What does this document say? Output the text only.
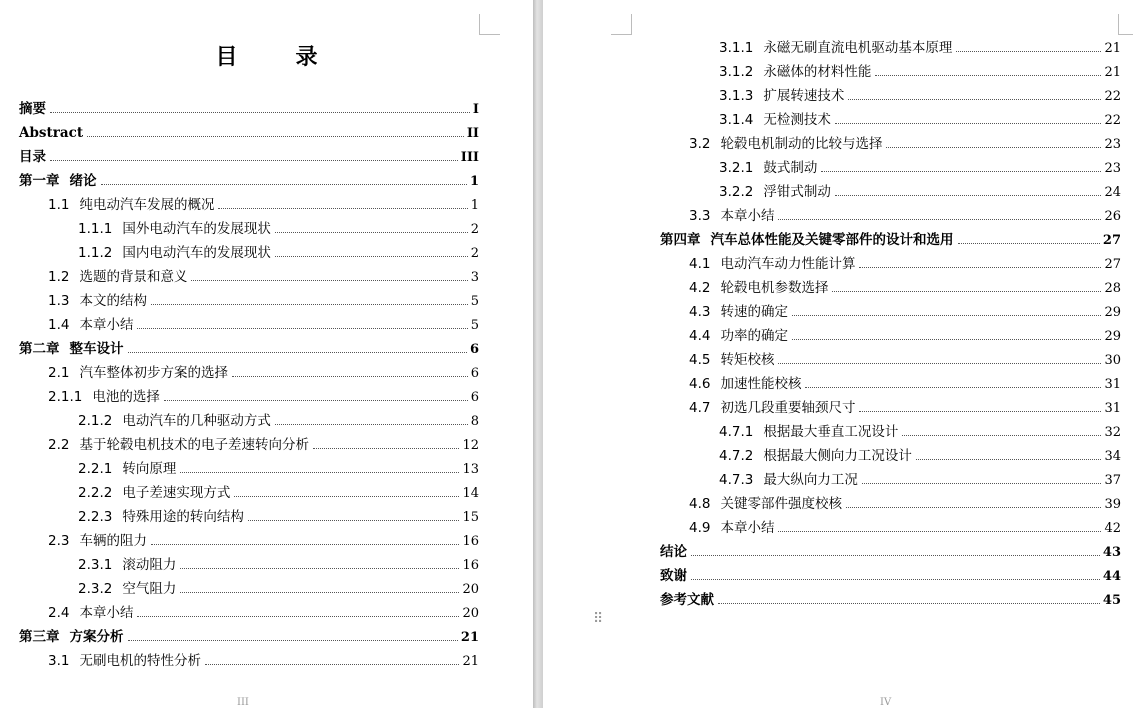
目　录
摘要	I
Abstract	II
目录	III
第一章 绪论	1
1.1 纯电动汽车发展的概况	1
1.1.1 国外电动汽车的发展现状	2
1.1.2 国内电动汽车的发展现状	2
1.2 选题的背景和意义	3
1.3 本文的结构	5
1.4 本章小结	5
第二章 整车设计	6
2.1 汽车整体初步方案的选择	6
2.1.1 电池的选择	6
2.1.2 电动汽车的几种驱动方式	8
2.2 基于轮毂电机技术的电子差速转向分析	12
2.2.1 转向原理	13
2.2.2 电子差速实现方式	14
2.2.3 特殊用途的转向结构	15
2.3 车辆的阻力	16
2.3.1 滚动阻力	16
2.3.2 空气阻力	20
2.4 本章小结	20
第三章 方案分析	21
3.1 无刷电机的特性分析	21
III
⠿
3.1.1 永磁无刷直流电机驱动基本原理	21
3.1.2 永磁体的材料性能	21
3.1.3 扩展转速技术	22
3.1.4 无检测技术	22
3.2 轮毂电机制动的比较与选择	23
3.2.1 鼓式制动	23
3.2.2 浮钳式制动	24
3.3 本章小结	26
第四章 汽车总体性能及关键零部件的设计和选用	27
4.1 电动汽车动力性能计算	27
4.2 轮毂电机参数选择	28
4.3 转速的确定	29
4.4 功率的确定	29
4.5 转矩校核	30
4.6 加速性能校核	31
4.7 初选几段重要轴颈尺寸	31
4.7.1 根据最大垂直工况设计	32
4.7.2 根据最大侧向力工况设计	34
4.7.3 最大纵向力工况	37
4.8 关键零部件强度校核	39
4.9 本章小结	42
结论	43
致谢	44
参考文献	45
IV
